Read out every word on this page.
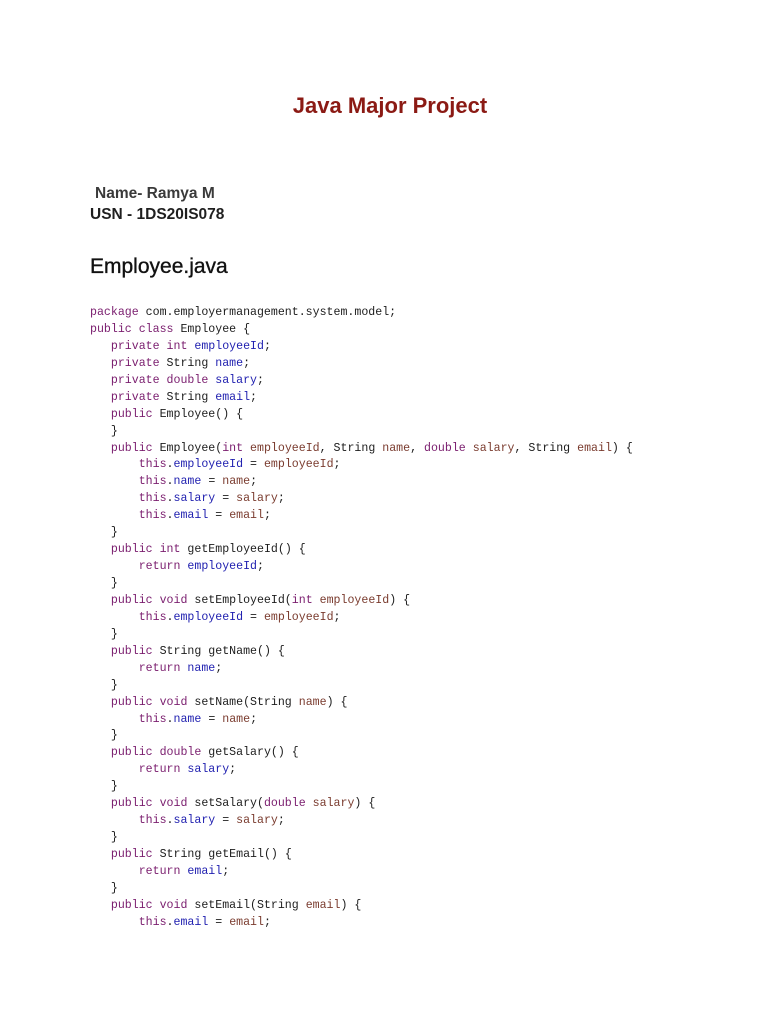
Java Major Project
Name- Ramya M
USN - 1DS20IS078
Employee.java
package com.employermanagement.system.model;
public class Employee {
private int employeeId;
private String name;
private double salary;
private String email;
public Employee() {
}
public Employee(int employeeId, String name, double salary, String email) {
this.employeeId = employeeId;
this.name = name;
this.salary = salary;
this.email = email;
}
public int getEmployeeId() {
return employeeId;
}
public void setEmployeeId(int employeeId) {
this.employeeId = employeeId;
}
public String getName() {
return name;
}
public void setName(String name) {
this.name = name;
}
public double getSalary() {
return salary;
}
public void setSalary(double salary) {
this.salary = salary;
}
public String getEmail() {
return email;
}
public void setEmail(String email) {
this.email = email;
